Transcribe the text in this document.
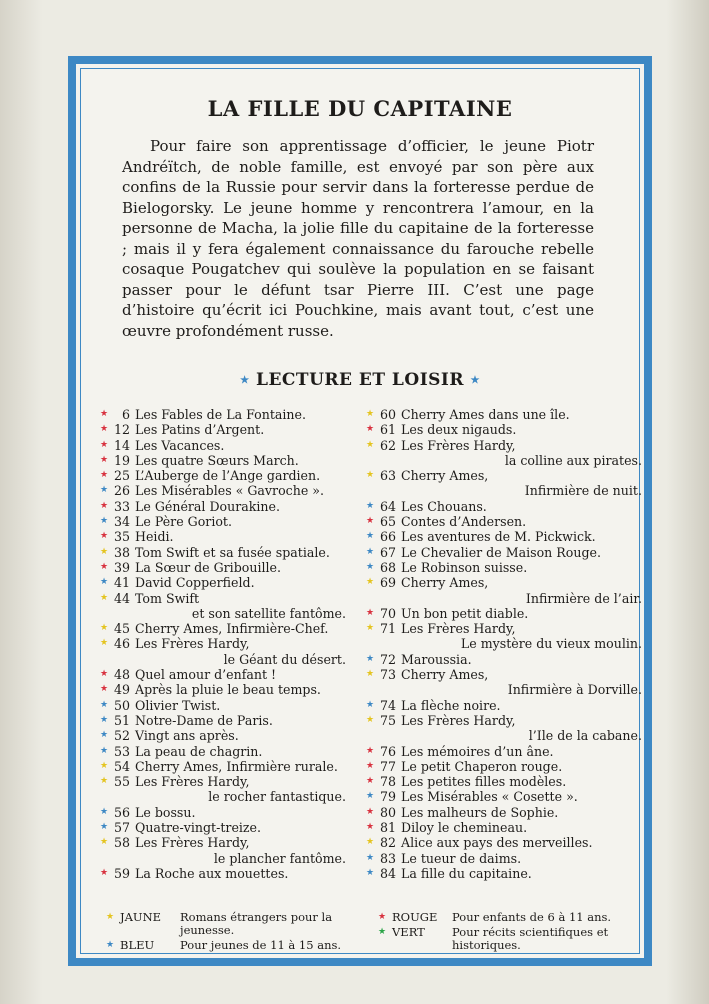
LA FILLE DU CAPITAINE
Pour faire son apprentissage d’officier, le jeune Piotr Andréïtch, de noble famille, est envoyé par son père aux confins de la Russie pour servir dans la forteresse perdue de Bielogorsky. Le jeune homme y rencontrera l’amour, en la personne de Macha, la jolie fille du capitaine de la forteresse ; mais il y fera également connaissance du farouche rebelle cosaque Pougatchev qui soulève la population en se faisant passer pour le défunt tsar Pierre III. C’est une page d’histoire qu’écrit ici Pouchkine, mais avant tout, c’est une œuvre profondément russe.
★ LECTURE ET LOISIR ★
★	6 Les Fables de La Fontaine.
★ 12 Les Patins d’Argent.
★ 14 Les Vacances.
★ 19 Les quatre Sœurs March.
★ 25 L’Auberge de l’Ange gardien.
★ 26 Les Misérables « Gavroche ».
★ 33 Le Général Dourakine.
★ 34 Le Père Goriot.
★ 35 Heidi.
★ 38 Tom Swift et sa fusée spatiale.
★ 39 La Sœur de Gribouille.
★ 41 David Copperfield.
★ 44 Tom Swift
et son satellite fantôme.
★ 45 Cherry Ames, Infirmière-Chef.
★ 46 Les Frères Hardy,
le Géant du désert.
★ 48 Quel amour d’enfant !
★ 49 Après la pluie le beau temps.
★ 50 Olivier Twist.
★ 51 Notre-Dame de Paris.
★ 52 Vingt ans après.
★ 53 La peau de chagrin.
★ 54 Cherry Ames, Infirmière rurale.
★ 55 Les Frères Hardy,
le rocher fantastique.
★ 56 Le bossu.
★ 57 Quatre-vingt-treize.
★ 58 Les Frères Hardy,
le plancher fantôme.
★ 59 La Roche aux mouettes.
★ 60 Cherry Ames dans une île.
★ 61 Les deux nigauds.
★ 62 Les Frères Hardy,
la colline aux pirates.
★ 63 Cherry Ames,
Infirmière de nuit.
★ 64 Les Chouans.
★ 65 Contes d’Andersen.
★ 66 Les aventures de M. Pickwick.
★ 67 Le Chevalier de Maison Rouge.
★ 68 Le Robinson suisse.
★ 69 Cherry Ames,
Infirmière de l’air.
★ 70 Un bon petit diable.
★ 71 Les Frères Hardy,
Le mystère du vieux moulin.
★ 72 Maroussia.
★ 73 Cherry Ames,
Infirmière à Dorville.
★ 74 La flèche noire.
★ 75 Les Frères Hardy,
l’Ile de la cabane.
★ 76 Les mémoires d’un âne.
★ 77 Le petit Chaperon rouge.
★ 78 Les petites filles modèles.
★ 79 Les Misérables « Cosette ».
★ 80 Les malheurs de Sophie.
★ 81 Diloy le chemineau.
★ 82 Alice aux pays des merveilles.
★ 83 Le tueur de daims.
★ 84 La fille du capitaine.
★ JAUNE	Romans étrangers pour la jeunesse.
★ BLEU	Pour jeunes de 11 à 15 ans.
★ ROUGE	Pour enfants de 6 à 11 ans.
★ VERT	Pour récits scientifiques et historiques.
